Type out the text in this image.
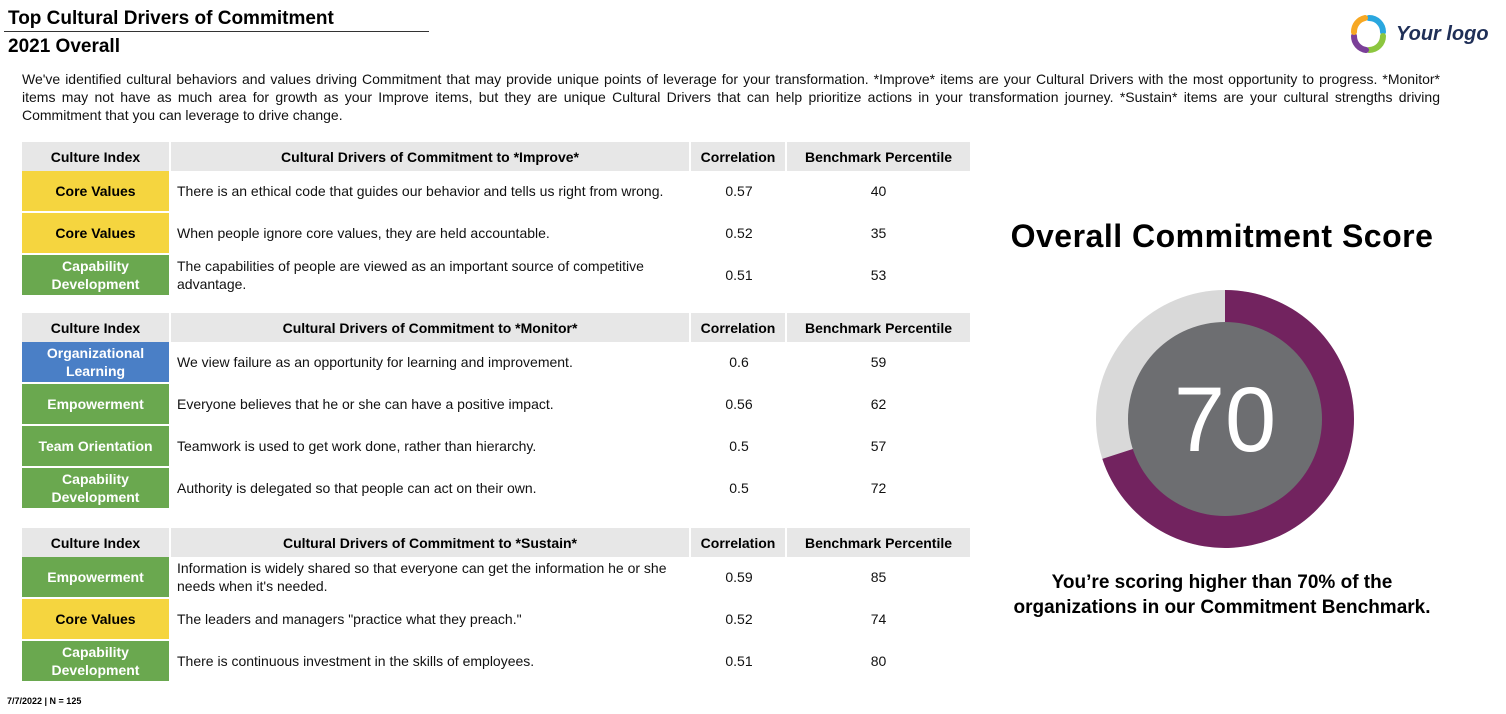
Top Cultural Drivers of Commitment
2021 Overall
Your logo
We've identified cultural behaviors and values driving Commitment that may provide unique points of leverage for your transformation. *Improve* items are your Cultural Drivers with the most opportunity to progress. *Monitor* items may not have as much area for growth as your Improve items, but they are unique Cultural Drivers that can help prioritize actions in your transformation journey. *Sustain* items are your cultural strengths driving Commitment that you can leverage to drive change.
Culture Index	Cultural Drivers of Commitment to *Improve*	Correlation	Benchmark Percentile
Core Values	There is an ethical code that guides our behavior and tells us right from wrong.	0.57	40
Core Values	When people ignore core values, they are held accountable.	0.52	35
Capability Development	The capabilities of people are viewed as an important source of competitive advantage.	0.51	53
Culture Index	Cultural Drivers of Commitment to *Monitor*	Correlation	Benchmark Percentile
Organizational Learning	We view failure as an opportunity for learning and improvement.	0.6	59
Empowerment	Everyone believes that he or she can have a positive impact.	0.56	62
Team Orientation	Teamwork is used to get work done, rather than hierarchy.	0.5	57
Capability Development	Authority is delegated so that people can act on their own.	0.5	72
Culture Index	Cultural Drivers of Commitment to *Sustain*	Correlation	Benchmark Percentile
Empowerment	Information is widely shared so that everyone can get the information he or she needs when it's needed.	0.59	85
Core Values	The leaders and managers "practice what they preach."	0.52	74
Capability Development	There is continuous investment in the skills of employees.	0.51	80
Overall Commitment Score
70
You’re scoring higher than 70% of the organizations in our Commitment Benchmark.
7/7/2022 | N = 125
